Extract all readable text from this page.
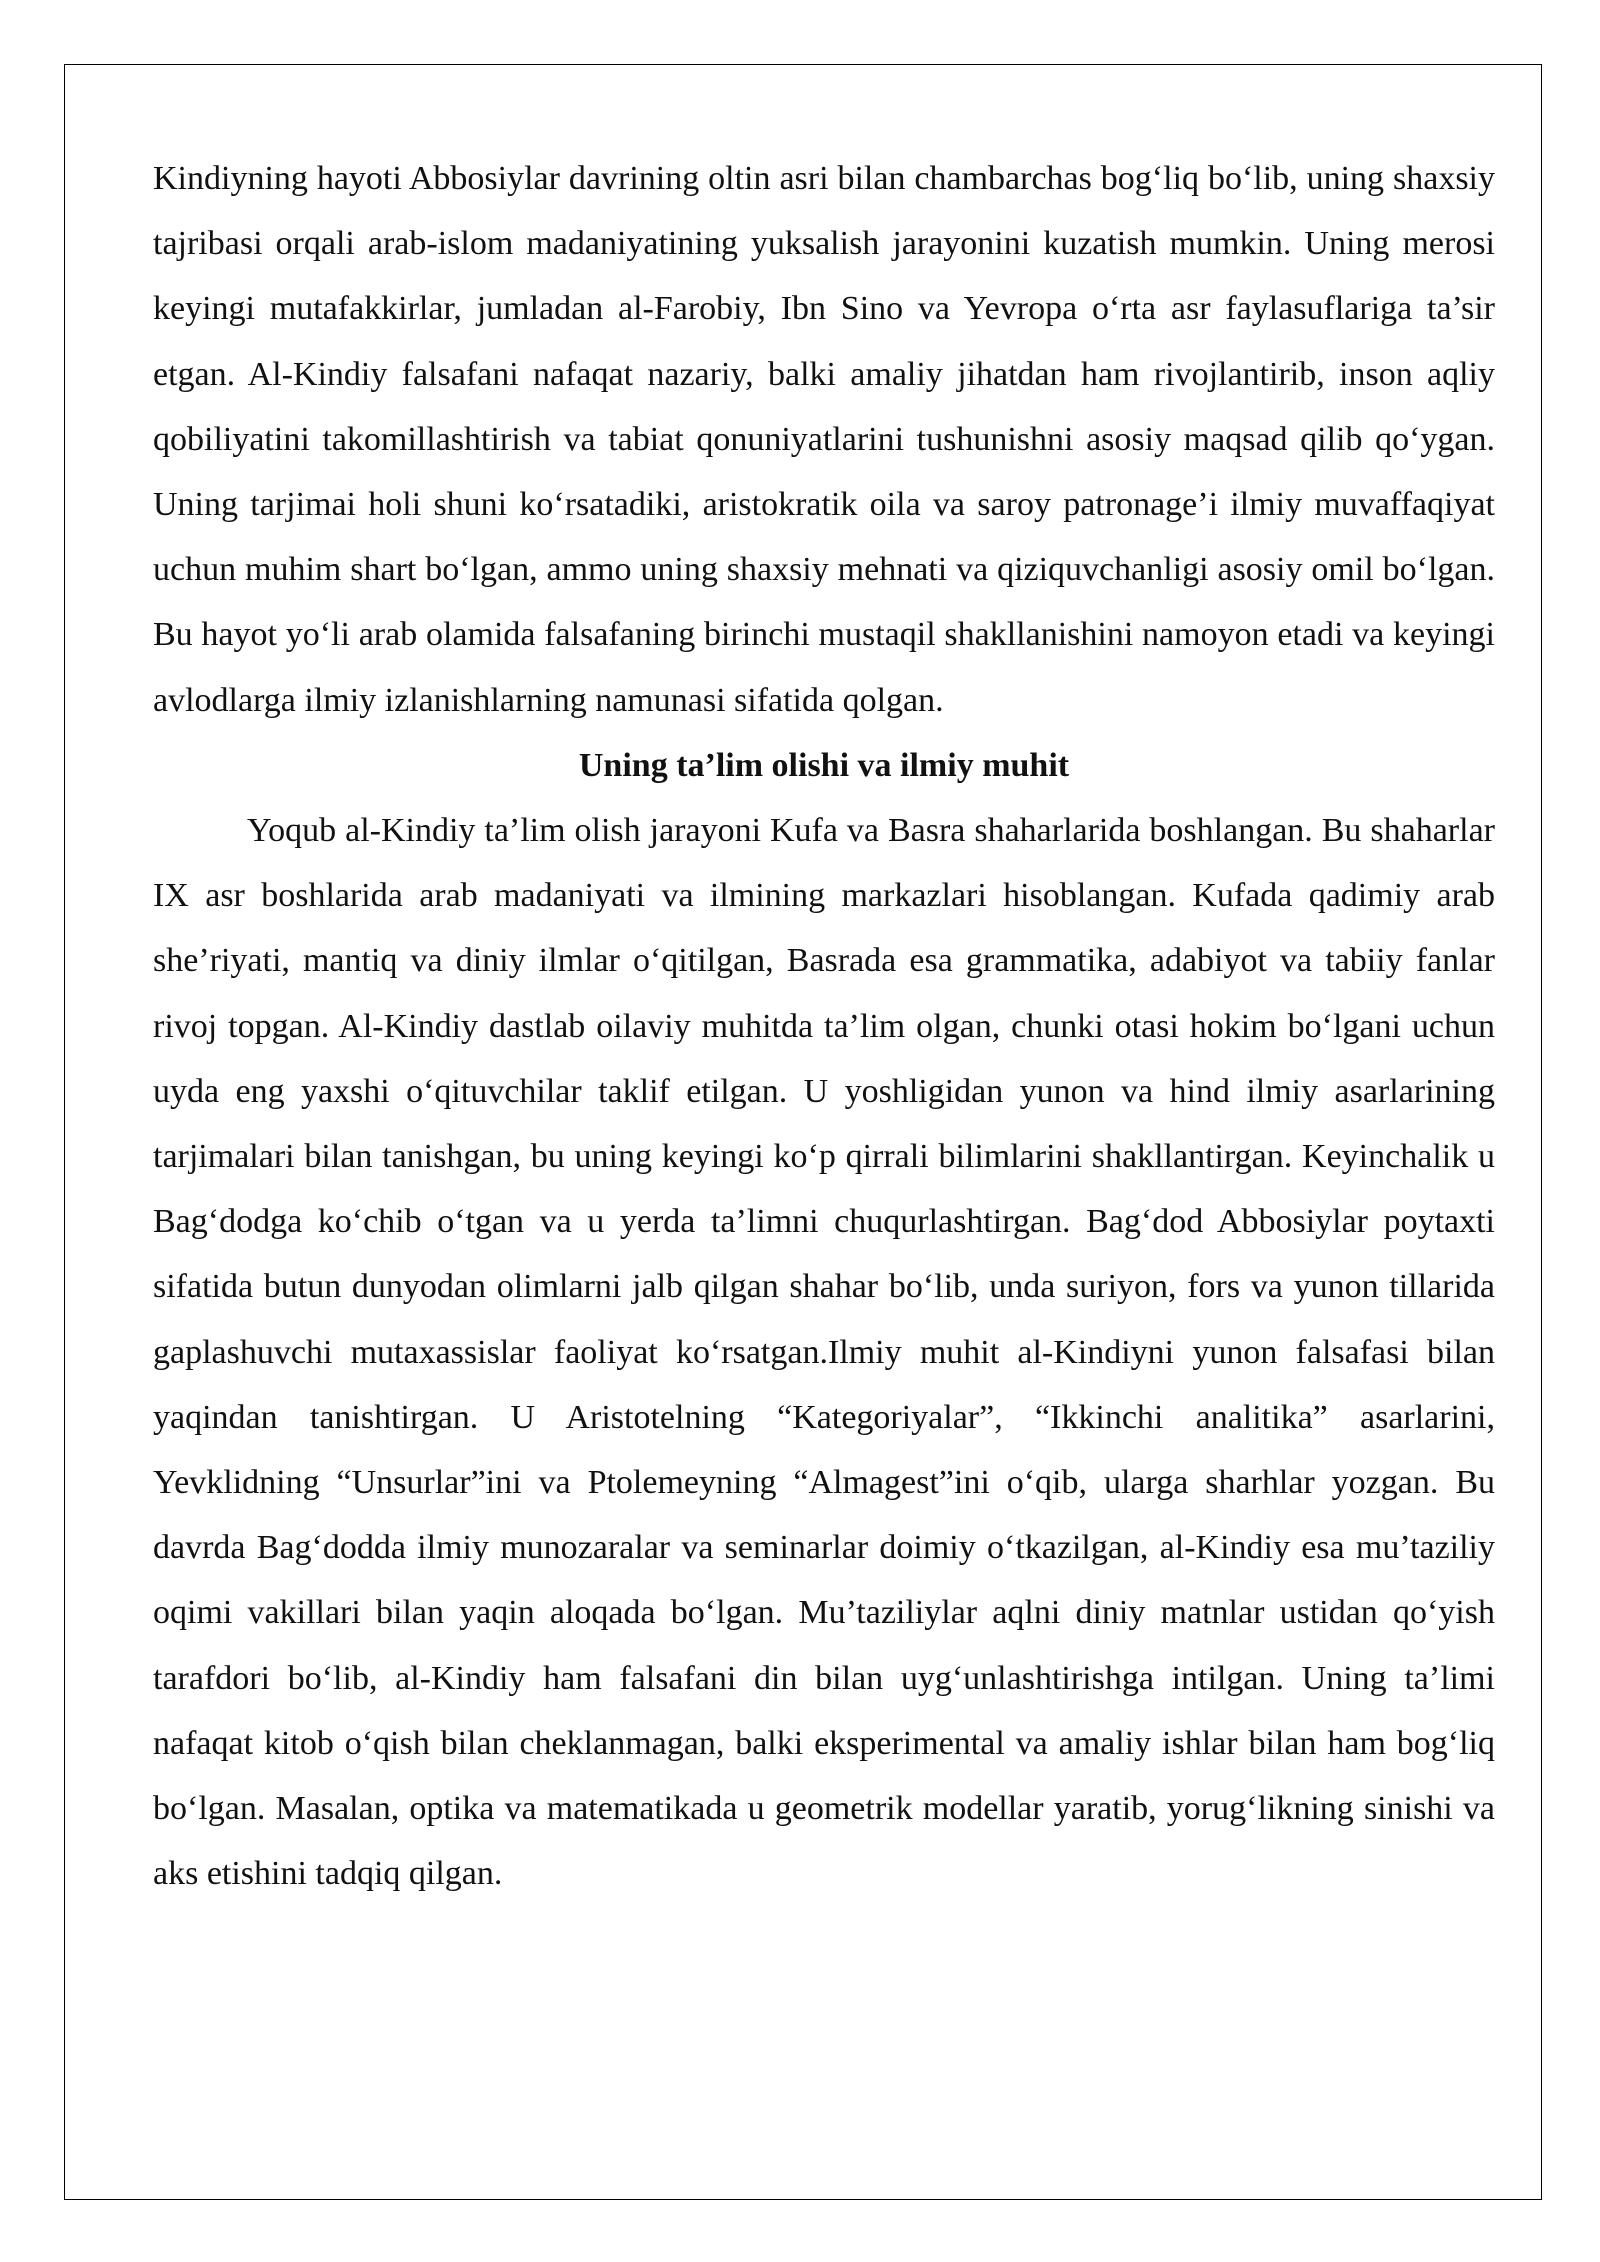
Kindiyning hayoti Abbosiylar davrining oltin asri bilan chambarchas bog‘liq bo‘lib, uning shaxsiy tajribasi orqali arab-islom madaniyatining yuksalish jarayonini kuzatish mumkin. Uning merosi keyingi mutafakkirlar, jumladan al-Farobiy, Ibn Sino va Yevropa o‘rta asr faylasuflariga ta’sir etgan. Al-Kindiy falsafani nafaqat nazariy, balki amaliy jihatdan ham rivojlantirib, inson aqliy qobiliyatini takomillashtirish va tabiat qonuniyatlarini tushunishni asosiy maqsad qilib qo‘ygan. Uning tarjimai holi shuni ko‘rsatadiki, aristokratik oila va saroy patronage’i ilmiy muvaffaqiyat uchun muhim shart bo‘lgan, ammo uning shaxsiy mehnati va qiziquvchanligi asosiy omil bo‘lgan. Bu hayot yo‘li arab olamida falsafaning birinchi mustaqil shakllanishini namoyon etadi va keyingi avlodlarga ilmiy izlanishlarning namunasi sifatida qolgan.

Uning ta’lim olishi va ilmiy muhit

Yoqub al-Kindiy ta’lim olish jarayoni Kufa va Basra shaharlarida boshlangan. Bu shaharlar IX asr boshlarida arab madaniyati va ilmining markazlari hisoblangan. Kufada qadimiy arab she’riyati, mantiq va diniy ilmlar o‘qitilgan, Basrada esa grammatika, adabiyot va tabiiy fanlar rivoj topgan. Al-Kindiy dastlab oilaviy muhitda ta’lim olgan, chunki otasi hokim bo‘lgani uchun uyda eng yaxshi o‘qituvchilar taklif etilgan. U yoshligidan yunon va hind ilmiy asarlarining tarjimalari bilan tanishgan, bu uning keyingi ko‘p qirrali bilimlarini shakllantirgan. Keyinchalik u Bag‘dodga ko‘chib o‘tgan va u yerda ta’limni chuqurlashtirgan. Bag‘dod Abbosiylar poytaxti sifatida butun dunyodan olimlarni jalb qilgan shahar bo‘lib, unda suriyon, fors va yunon tillarida gaplashuvchi mutaxassislar faoliyat ko‘rsatgan.Ilmiy muhit al-Kindiyni yunon falsafasi bilan yaqindan tanishtirgan. U Aristotelning “Kategoriyalar”, “Ikkinchi analitika” asarlarini, Yevklidning “Unsurlar”ini va Ptolemeyning “Almagest”ini o‘qib, ularga sharhlar yozgan. Bu davrda Bag‘dodda ilmiy munozaralar va seminarlar doimiy o‘tkazilgan, al-Kindiy esa mu’taziliy oqimi vakillari bilan yaqin aloqada bo‘lgan. Mu’taziliylar aqlni diniy matnlar ustidan qo‘yish tarafdori bo‘lib, al-Kindiy ham falsafani din bilan uyg‘unlashtirishga intilgan. Uning ta’limi nafaqat kitob o‘qish bilan cheklanmagan, balki eksperimental va amaliy ishlar bilan ham bog‘liq bo‘lgan. Masalan, optika va matematikada u geometrik modellar yaratib, yorug‘likning sinishi va aks etishini tadqiq qilgan.
